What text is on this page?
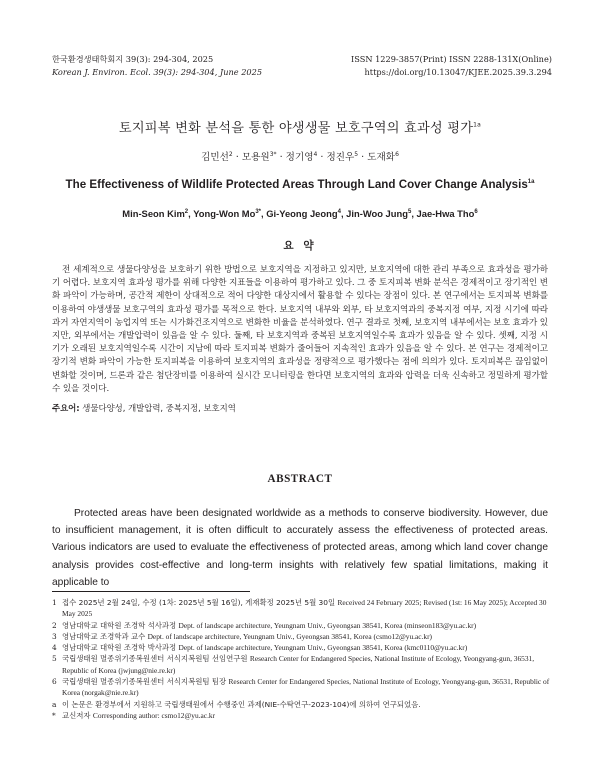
한국환경생태학회지 39(3): 294-304, 2025
Korean J. Environ. Ecol. 39(3): 294-304, June 2025
ISSN 1229-3857(Print) ISSN 2288-131X(Online)
https://doi.org/10.13047/KJEE.2025.39.3.294
토지피복 변화 분석을 통한 야생생물 보호구역의 효과성 평가$^{1a}$
김민선$^2$ · 모용원$^{3*}$ · 정기영$^4$ · 정진우$^5$ · 도재화$^6$
The Effectiveness of Wildlife Protected Areas Through Land Cover Change Analysis$^{1a}$
Min-Seon Kim$^2$, Yong-Won $Mo^{3*}$, Gi-Yeong Jeong$^4$, Jin-Woo Jung$^5$, Jae-Hwa Tho$^6$
요 약
전 세계적으로 생물다양성을 보호하기 위한 방법으로 보호지역을 지정하고 있지만, 보호지역에 대한 관리 부족으로 효과성을 평가하기 어렵다. 보호지역 효과성 평가를 위해 다양한 지표들을 이용하여 평가하고 있다. 그 중 토지피복 변화 분석은 경제적이고 장기적인 변화 파악이 가능하며, 공간적 제한이 상대적으로 적어 다양한 대상지에서 활용할 수 있다는 장점이 있다. 본 연구에서는 토지피복 변화를 이용하여 야생생물 보호구역의 효과성 평가를 목적으로 한다. 보호지역 내부와 외부, 타 보호지역과의 중복지정 여부, 지정 시기에 따라 과거 자연지역이 농업지역 또는 시가화건조지역으로 변화한 비율을 분석하였다. 연구 결과로 첫째, 보호지역 내부에서는 보호 효과가 있지만, 외부에서는 개발압력이 있음을 알 수 있다. 둘째, 타 보호지역과 중복된 보호지역일수록 효과가 있음을 알 수 있다. 셋째, 지정 시기가 오래된 보호지역일수록 시간이 지남에 따라 토지피복 변화가 줄어들어 지속적인 효과가 있음을 알 수 있다. 본 연구는 경제적이고 장기적 변화 파악이 가능한 토지피복을 이용하여 보호지역의 효과성을 정량적으로 평가했다는 점에 의의가 있다. 토지피복은 끊임없이 변화할 것이며, 드론과 같은 첨단장비를 이용하여 실시간 모니터링을 한다면 보호지역의 효과와 압력을 더욱 신속하고 정밀하게 평가할 수 있을 것이다.
주요어: 생물다양성, 개발압력, 중복지정, 보호지역
ABSTRACT
Protected areas have been designated worldwide as a methods to conserve biodiversity. However, due to insufficient management, it is often difficult to accurately assess the effectiveness of protected areas. Various indicators are used to evaluate the effectiveness of protected areas, among which land cover change analysis provides cost-effective and long-term insights with relatively few spatial limitations, making it applicable to
1 접수 2025년 2월 24일, 수정 (1차: 2025년 5월 16일), 게재확정 2025년 5월 30일 Received 24 February 2025; Revised (1st: 16 May 2025); Accepted 30 May 2025
2 영남대학교 대학원 조경학 석사과정 Dept. of landscape architecture, Yeungnam Univ., Gyeongsan 38541, Korea (minseon183@yu.ac.kr)
3 영남대학교 조경학과 교수 Dept. of landscape architecture, Yeungnam Univ., Gyeongsan 38541, Korea (csmo12@yu.ac.kr)
4 영남대학교 대학원 조경학 박사과정 Dept. of landscape architecture, Yeungnam Univ., Gyeongsan 38541, Korea (kmc0110@yu.ac.kr)
5 국립생태원 멸종위기종복원센터 서식지복원팀 선임연구원 Research Center for Endangered Species, National Institute of Ecology, Yeongyang-gun, 36531, Republic of Korea (jwjung@nie.re.kr)
6 국립생태원 멸종위기종복원센터 서식지복원팀 팀장 Research Center for Endangered Species, National Institute of Ecology, Yeongyang-gun, 36531, Republic of Korea (norgak@nie.re.kr)
a 이 논문은 환경부에서 지원하고 국립생태원에서 수행중인 과제(NIE-수탁연구-2023-104)에 의하여 연구되었음.
* 교신저자 Corresponding author: csmo12@yu.ac.kr
